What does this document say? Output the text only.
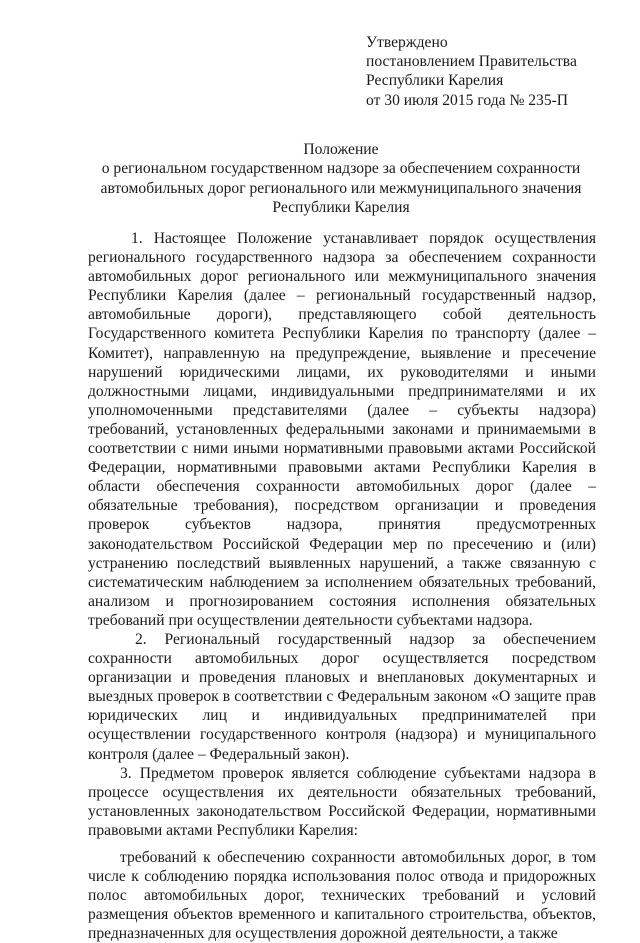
Утверждено
постановлением Правительства
Республики Карелия
от 30 июля 2015 года № 235-П
Положение
о региональном государственном надзоре за обеспечением сохранности
автомобильных дорог регионального или межмуниципального значения
Республики Карелия

1. Настоящее Положение устанавливает порядок осуществления регионального государственного надзора за обеспечением сохранности автомобильных дорог регионального или межмуниципального значения Республики Карелия (далее – региональный государственный надзор, автомобильные дороги), представляющего собой деятельность Государственного комитета Республики Карелия по транспорту (далее – Комитет), направленную на предупреждение, выявление и пресечение нарушений юридическими лицами, их руководителями и иными должностными лицами, индивидуальными предпринимателями и их уполномоченными представителями (далее – субъекты надзора) требований, установленных федеральными законами и принимаемыми в соответствии с ними иными нормативными правовыми актами Российской Федерации, нормативными правовыми актами Республики Карелия в области обеспечения сохранности автомобильных дорог (далее – обязательные требования), посредством организации и проведения проверок субъектов надзора, принятия предусмотренных законодательством Российской Федерации мер по пресечению и (или) устранению последствий выявленных нарушений, а также связанную с систематическим наблюдением за исполнением обязательных требований, анализом и прогнозированием состояния исполнения обязательных требований при осуществлении деятельности субъектами надзора.

2. Региональный государственный надзор за обеспечением сохранности автомобильных дорог осуществляется посредством организации и проведения плановых и внеплановых документарных и выездных проверок в соответствии с Федеральным законом «О защите прав юридических лиц и индивидуальных предпринимателей при осуществлении государственного контроля (надзора) и муниципального контроля (далее – Федеральный закон).

3. Предметом проверок является соблюдение субъектами надзора в процессе осуществления их деятельности обязательных требований, установленных законодательством Российской Федерации, нормативными правовыми актами Республики Карелия:

требований к обеспечению сохранности автомобильных дорог, в том числе к соблюдению порядка использования полос отвода и придорожных полос автомобильных дорог, технических требований и условий размещения объектов временного и капитального строительства, объектов, предназначенных для осуществления дорожной деятельности, а также
